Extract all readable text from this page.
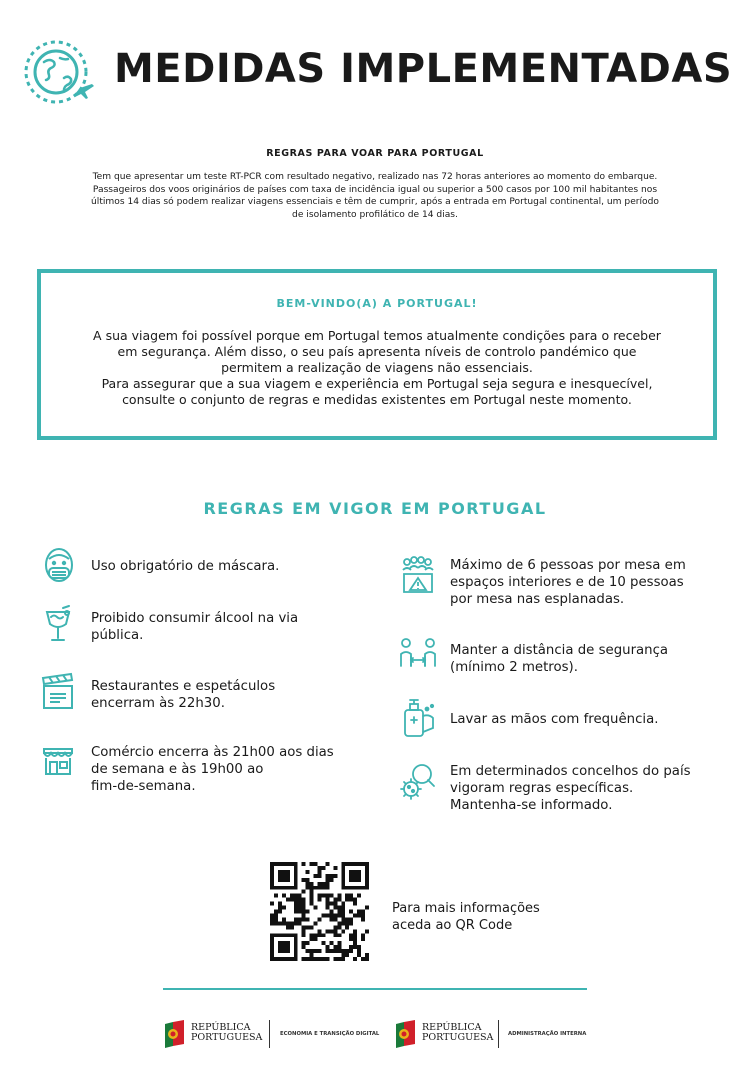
MEDIDAS IMPLEMENTADAS
REGRAS PARA VOAR PARA PORTUGAL
Tem que apresentar um teste RT-PCR com resultado negativo, realizado nas 72 horas anteriores ao momento do embarque.
Passageiros dos voos originários de países com taxa de incidência igual ou superior a 500 casos por 100 mil habitantes nos
últimos 14 dias só podem realizar viagens essenciais e têm de cumprir, após a entrada em Portugal continental, um período
de isolamento profilático de 14 dias.
BEM-VINDO(A) A PORTUGAL!
A sua viagem foi possível porque em Portugal temos atualmente condições para o receber
em segurança. Além disso, o seu país apresenta níveis de controlo pandémico que
permitem a realização de viagens não essenciais.
Para assegurar que a sua viagem e experiência em Portugal seja segura e inesquecível,
consulte o conjunto de regras e medidas existentes em Portugal neste momento.
REGRAS EM VIGOR EM PORTUGAL
Uso obrigatório de máscara.
Proibido consumir álcool na via
pública.
Restaurantes e espetáculos
encerram às 22h30.
Comércio encerra às 21h00 aos dias
de semana e às 19h00 ao
fim-de-semana.
Máximo de 6 pessoas por mesa em
espaços interiores e de 10 pessoas
por mesa nas esplanadas.
Manter a distância de segurança
(mínimo 2 metros).
Lavar as mãos com frequência.
Em determinados concelhos do país
vigoram regras específicas.
Mantenha-se informado.
Para mais informações
aceda ao QR Code
REPÚBLICA
PORTUGUESA	ECONOMIA E TRANSIÇÃO DIGITAL
REPÚBLICA
PORTUGUESA	ADMINISTRAÇÃO INTERNA
